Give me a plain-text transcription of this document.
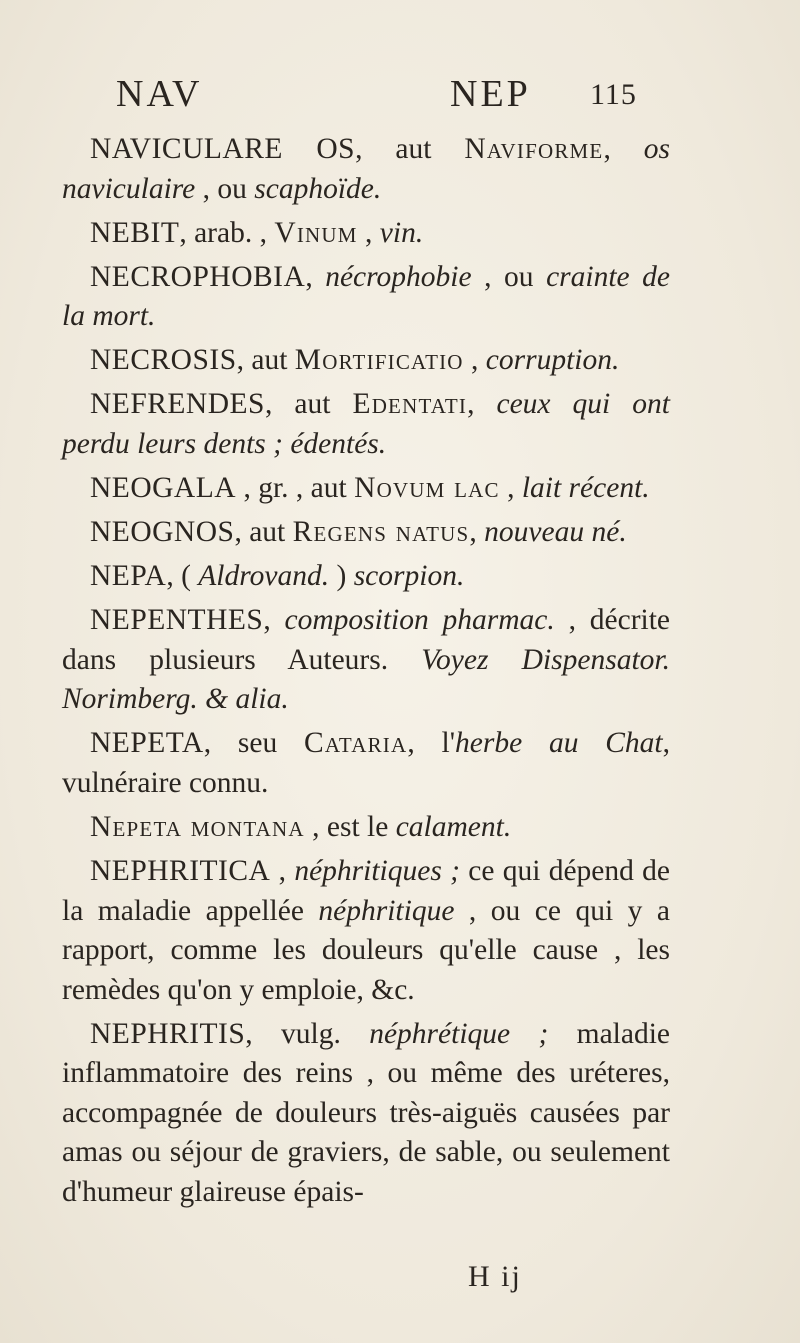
NAV	NEP 115

NAVICULARE OS, aut Naviforme, os naviculaire , ou scaphoïde.

NEBIT, arab. , Vinum , vin.

NECROPHOBIA, nécrophobie , ou crainte de la mort.

NECROSIS, aut Mortificatio , corruption.

NEFRENDES, aut Edentati, ceux qui ont perdu leurs dents ; édentés.

NEOGALA , gr. , aut Novum lac , lait récent.

NEOGNOS, aut Regens natus, nouveau né.

NEPA, ( Aldrovand. ) scorpion.

NEPENTHES, composition pharmac. , décrite dans plusieurs Auteurs. Voyez Dispensator. Norimberg. & alia.

NEPETA, seu Cataria, l'herbe au Chat, vulnéraire connu.

Nepeta montana , est le calament.

NEPHRITICA , néphritiques ; ce qui dépend de la maladie appellée néphritique , ou ce qui y a rapport, comme les douleurs qu'elle cause , les remèdes qu'on y emploie, &c.

NEPHRITIS, vulg. néphrétique ; maladie inflammatoire des reins , ou même des uréteres, accompagnée de douleurs très-aiguës causées par amas ou séjour de graviers, de sable, ou seulement d'humeur glaireuse épais-

H ij
